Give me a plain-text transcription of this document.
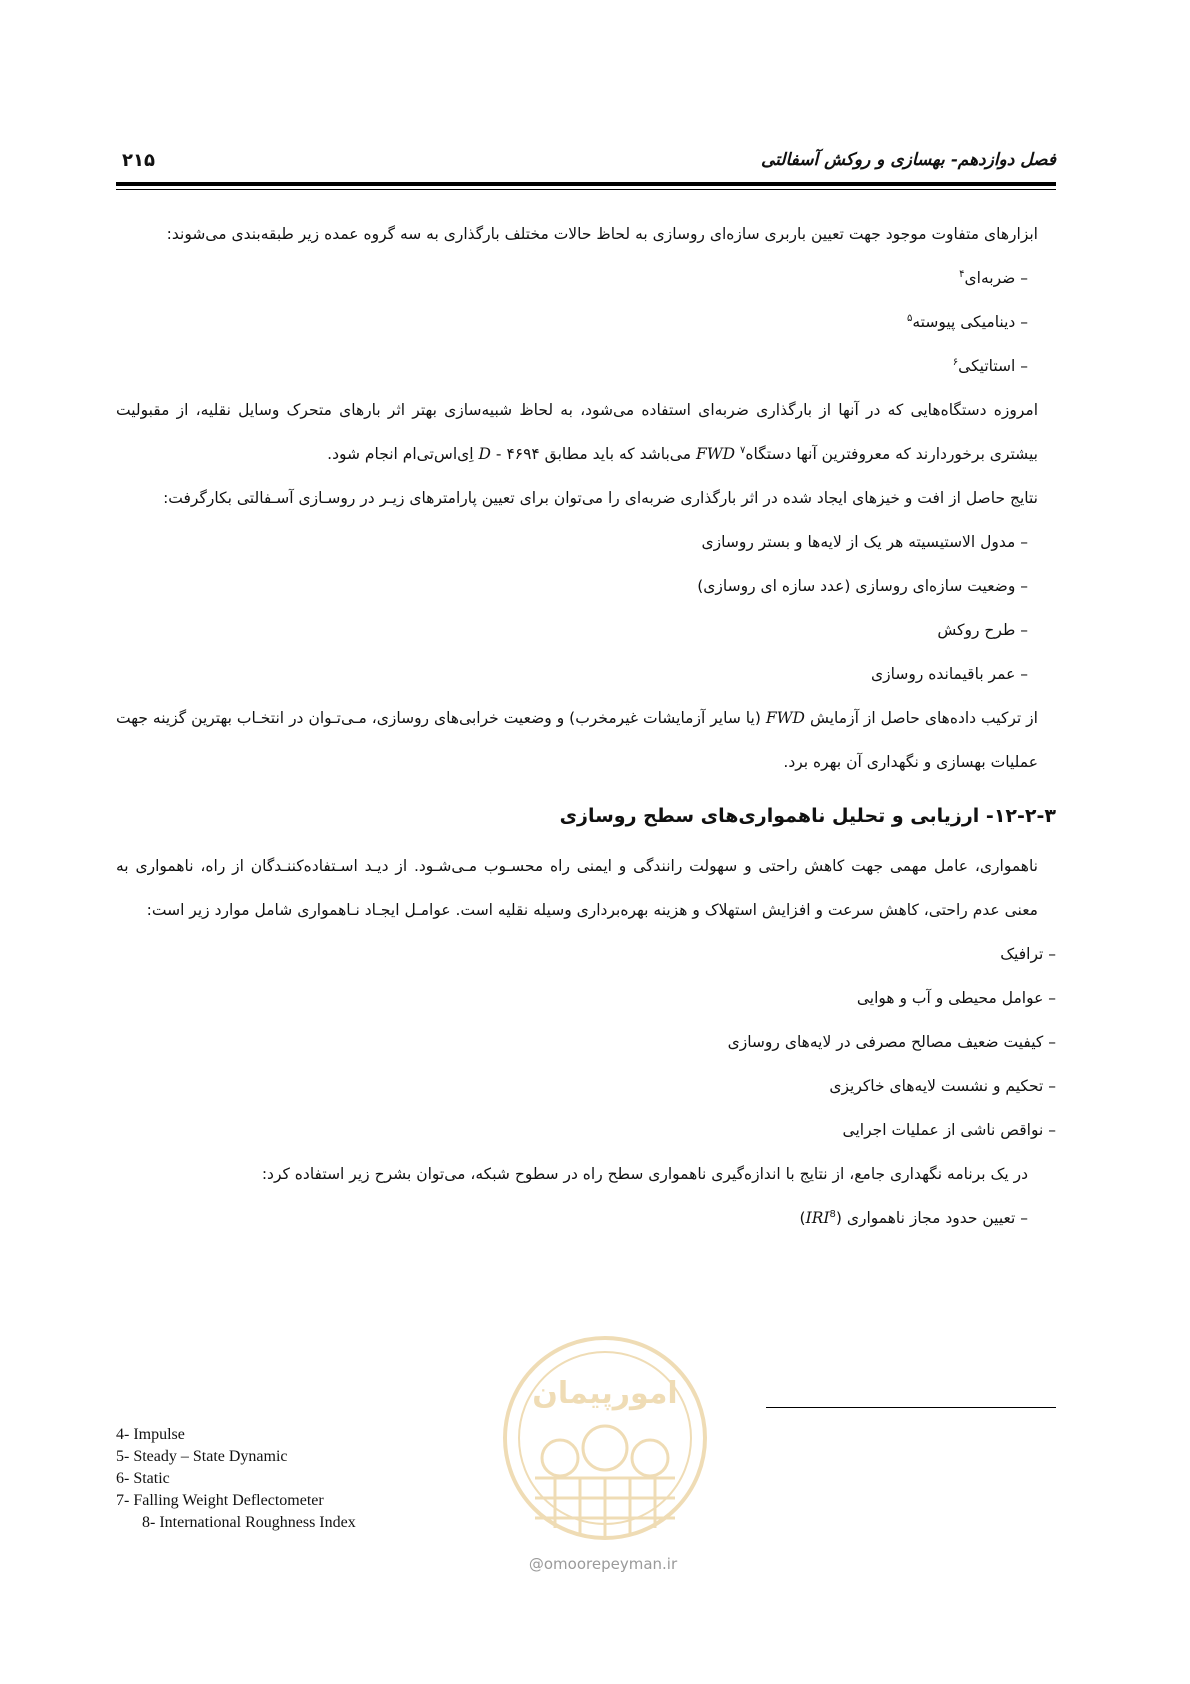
فصل دوازدهم- بهسازی و روکش آسفالتی
۲۱۵

ابزارهای متفاوت موجود جهت تعیین باربری سازه‌ای روسازی به لحاظ حالات مختلف بارگذاری به سه گروه عمده زیر طبقه‌بندی می‌شوند:

– ضربه‌ای$^۴$

– دینامیکی پیوسته$^۵$

– استاتیکی$^۶$

امروزه دستگاه‌هایی که در آنها از بارگذاری ضربه‌ای استفاده می‌شود، به لحاظ شبیه‌سازی بهتر اثر بارهای متحرک وسایل نقلیه، از مقبولیت بیشتری برخوردارند که معروفترین آنها دستگاه$^۷$ FWD می‌باشد که باید مطابق ۴۶۹۴ - D اِی‌اس‌تی‌ام انجام شود.

نتایج حاصل از افت و خیزهای ایجاد شده در اثر بارگذاری ضربه‌ای را می‌توان برای تعیین پارامترهای زیـر در روسـازی آسـفالتی بکارگرفت:

– مدول الاستیسیته هر یک از لایه‌ها و بستر روسازی

– وضعیت سازه‌ای روسازی (عدد سازه ای روسازی)

– طرح روکش

– عمر باقیمانده روسازی

از ترکیب داده‌های حاصل از آزمایش FWD (یا سایر آزمایشات غیرمخرب) و وضعیت خرابی‌های روسازی، مـی‌تـوان در انتخـاب بهترین گزینه جهت عملیات بهسازی و نگهداری آن بهره برد.

۱۲-۲-۳- ارزیابی و تحلیل ناهمواری‌های سطح روسازی

ناهمواری، عامل مهمی جهت کاهش راحتی و سهولت رانندگی و ایمنی راه محسـوب مـی‌شـود. از دیـد اسـتفاده‌کننـدگان از راه، ناهمواری به معنی عدم راحتی، کاهش سرعت و افزایش استهلاک و هزینه بهره‌برداری وسیله نقلیه است. عوامـل ایجـاد نـاهمواری شامل موارد زیر است:

– ترافیک

– عوامل محیطی و آب و هوایی

– کیفیت ضعیف مصالح مصرفی در لایه‌های روسازی

– تحکیم و نشست لایه‌های خاکریزی

– نواقص ناشی از عملیات اجرایی

در یک برنامه نگهداری جامع، از نتایج با اندازه‌گیری ناهمواری سطح راه در سطوح شبکه، می‌توان بشرح زیر استفاده کرد:

– تعیین حدود مجاز ناهمواری (IRI$^8$)

4- Impulse
5- Steady – State Dynamic
6- Static
7- Falling Weight Deflectometer
8- International Roughness Index
امورپیمان
@omoorepeyman.ir
